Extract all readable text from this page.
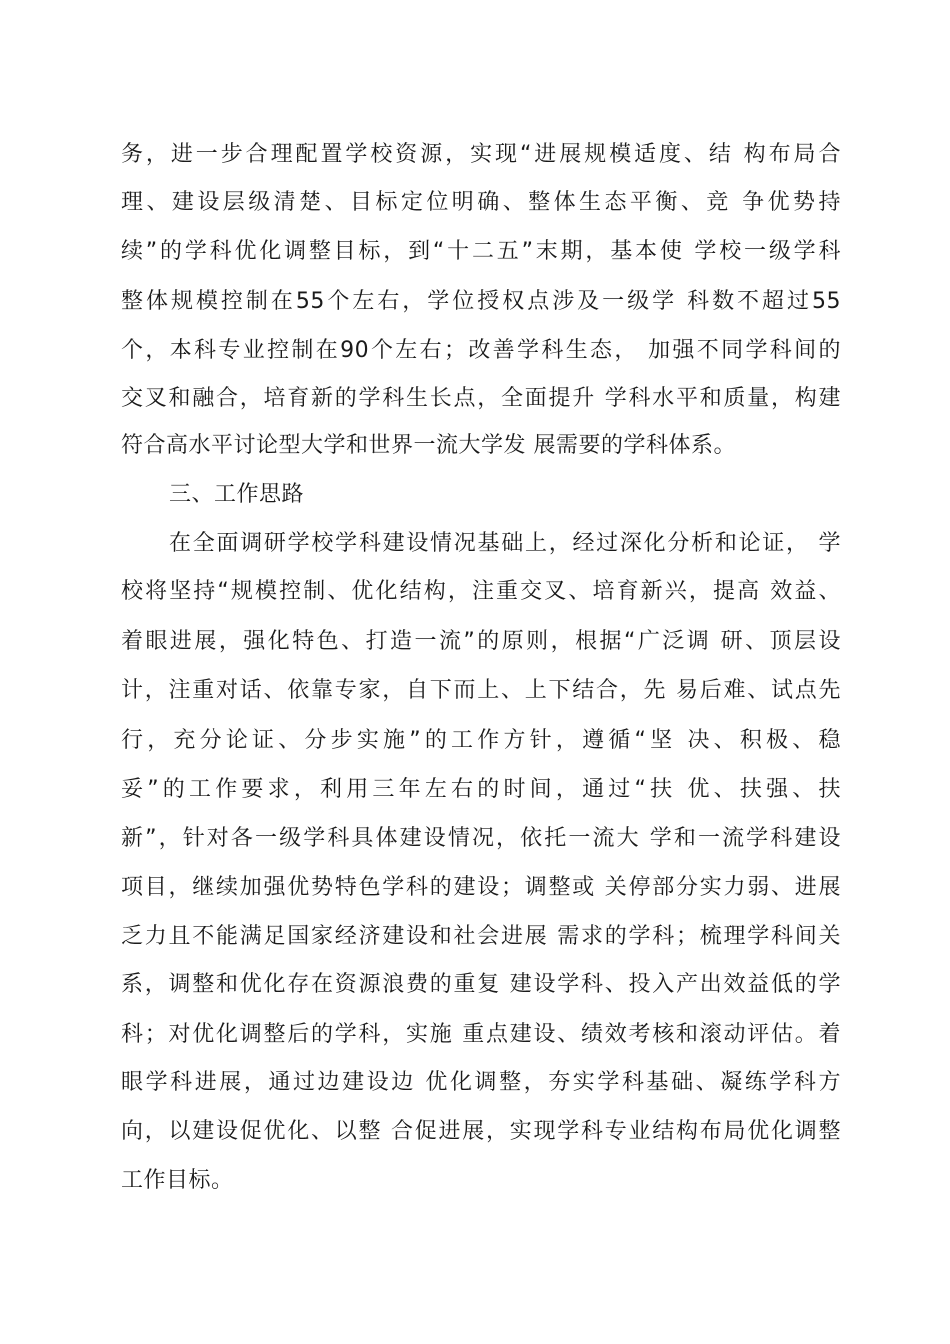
务，进一步合理配置学校资源，实现“进展规模适度、结 构布局合
理、建设层级清楚、目标定位明确、整体生态平衡、竞 争优势持
续”的学科优化调整目标，到“十二五”末期，基本使 学校一级学科
整体规模控制在55个左右，学位授权点涉及一级学 科数不超过55
个，本科专业控制在90个左右；改善学科生态， 加强不同学科间的
交叉和融合，培育新的学科生长点，全面提升 学科水平和质量，构建
符合高水平讨论型大学和世界一流大学发 展需要的学科体系。
三、工作思路
在全面调研学校学科建设情况基础上，经过深化分析和论证， 学
校将坚持“规模控制、优化结构，注重交叉、培育新兴，提高 效益、
着眼进展，强化特色、打造一流”的原则，根据“广泛调 研、顶层设
计，注重对话、依靠专家，自下而上、上下结合，先 易后难、试点先
行，充分论证、分步实施”的工作方针，遵循“坚 决、积极、稳
妥”的工作要求，利用三年左右的时间，通过“扶 优、扶强、扶
新”，针对各一级学科具体建设情况，依托一流大 学和一流学科建设
项目，继续加强优势特色学科的建设；调整或 关停部分实力弱、进展
乏力且不能满足国家经济建设和社会进展 需求的学科；梳理学科间关
系，调整和优化存在资源浪费的重复 建设学科、投入产出效益低的学
科；对优化调整后的学科，实施 重点建设、绩效考核和滚动评估。着
眼学科进展，通过边建设边 优化调整，夯实学科基础、凝练学科方
向，以建设促优化、以整 合促进展，实现学科专业结构布局优化调整
工作目标。
